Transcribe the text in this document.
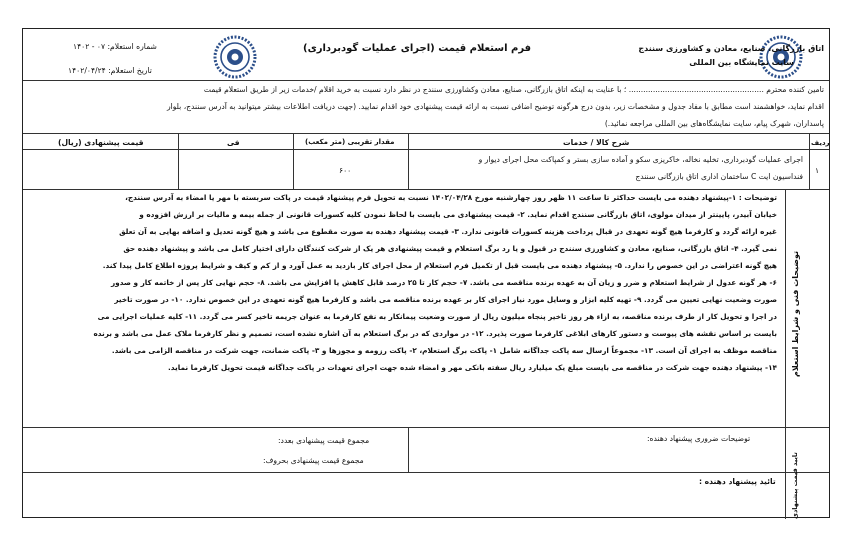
اتاق بازرگانی، صنایع، معادن و کشاورزی سنندج
سایت نمایشگاه بین المللی
فرم استعلام قیمت (اجرای عملیات گودبرداری)
شماره استعلام: ۰۷ - ۱۴۰۲
تاریخ استعلام: ۱۴۰۲/۰۴/۲۴
تامین کننده محترم ........................................................ ؛ با عنایت به اینکه اتاق بازرگانی، صنایع، معادن وکشاورزی سنندج در نظر دارد نسبت به خرید اقلام /خدمات زیر از طریق استعلام قیمت
اقدام نماید، خواهشمند است مطابق با مفاد جدول و مشخصات زیر، بدون درج هرگونه توضیح اضافی نسبت به ارائه قیمت پیشنهادی خود اقدام نمایید. (جهت دریافت اطلاعات بیشتر میتوانید به آدرس سنندج، بلوار
پاسداران، شهرک پیام، سایت نمایشگاه‌های بین المللی مراجعه نمائید.)
ردیف
شرح کالا / خدمات
مقدار تقریبی (متر مکعب)
فی
قیمت پیشنهادی (ریال)
۱
اجرای عملیات گودبرداری، تخلیه نخاله، خاکریزی سکو و آماده سازی بستر و کمپاکت محل اجرای دیوار و
فنداسیون ایت C ساختمان اداری اتاق بازرگانی سنندج
۶۰۰
توضیحات فنی و شرایط استعلام
توضیحات : ۱-پیشنهاد دهنده می بایست حداکثر تا ساعت ۱۱ ظهر روز چهارشنبه مورخ ۱۴۰۲/۰۴/۲۸ نسبت به تحویل فرم پیشنهاد قیمت در پاکت سربسته با مهر یا امضاء به آدرس سنندج،
خیابان آبیدر، پایینتر از میدان مولوی، اتاق بازرگانی سنندج اقدام نماید. ۲- قیمت پیشنهادی می بایست با لحاظ نمودن کلیه کسورات قانونی از جمله بیمه و مالیات بر ارزش افزوده و
غیره ارائه گردد و کارفرما هیچ گونه تعهدی در قبال پرداخت هزینه کسورات قانونی ندارد. ۳- قیمت پیشنهاد دهنده به صورت مقطوع می باشد و هیچ گونه تعدیل و اضافه بهایی به آن تعلق
نمی گیرد. ۴- اتاق بازرگانی، صنایع، معادن و کشاورزی سنندج در قبول و یا رد برگ استعلام و قیمت پیشنهادی هر یک از شرکت کنندگان دارای اختیار کامل می باشد و پیشنهاد دهنده حق
هیچ گونه اعتراضی در این خصوص را ندارد. ۵- پیشنهاد دهنده می بایست قبل از تکمیل فرم استعلام از محل اجرای کار بازدید به عمل آورد و از کم و کیف و شرایط پروژه اطلاع کامل پیدا کند.
۶- هر گونه عدول از شرایط استعلام و ضرر و زیان آن به عهده برنده مناقصه می باشد. ۷- حجم کار تا ۲۵ درصد قابل کاهش یا افزایش می باشد. ۸- حجم نهایی کار پس از خاتمه کار و صدور
صورت وضعیت نهایی تعیین می گردد. ۹- تهیه کلیه ابزار و وسایل مورد نیاز اجرای کار بر عهده برنده مناقصه می باشد و کارفرما هیچ گونه تعهدی در این خصوص ندارد. ۱۰- در صورت تاخیر
در اجرا و تحویل کار از طرف برنده مناقصه، به ازاء هر روز تاخیر پنجاه میلیون ریال از صورت وضعیت پیمانکار به نفع کارفرما به عنوان جریمه تاخیر کسر می گردد. ۱۱- کلیه عملیات اجرایی می
بایست بر اساس نقشه های پیوست و دستور کارهای ابلاغی کارفرما صورت پذیرد. ۱۲- در مواردی که در برگ استعلام به آن اشاره نشده است، تصمیم و نظر کارفرما ملاک عمل می باشد و برنده
مناقصه موظف به اجرای آن است. ۱۳- مجموعاً ارسال سه پاکت جداگانه شامل ۱- پاکت برگ استعلام، ۲- پاکت رزومه و مجوزها و ۳- پاکت ضمانت، جهت شرکت در مناقصه الزامی می باشد.
۱۴- پیشنهاد دهنده جهت شرکت در مناقصه می بایست مبلغ یک میلیارد ریال سفته بانکی مهر و امضاء شده جهت اجرای تعهدات در پاکت جداگانه قیمت تحویل کارفرما نماید.
توضیحات ضروری پیشنهاد دهنده:
مجموع قیمت پیشنهادی بعدد:
مجموع قیمت پیشنهادی بحروف:
تائید پیشنهاد دهنده : تایید قیمت پیشنهادی
